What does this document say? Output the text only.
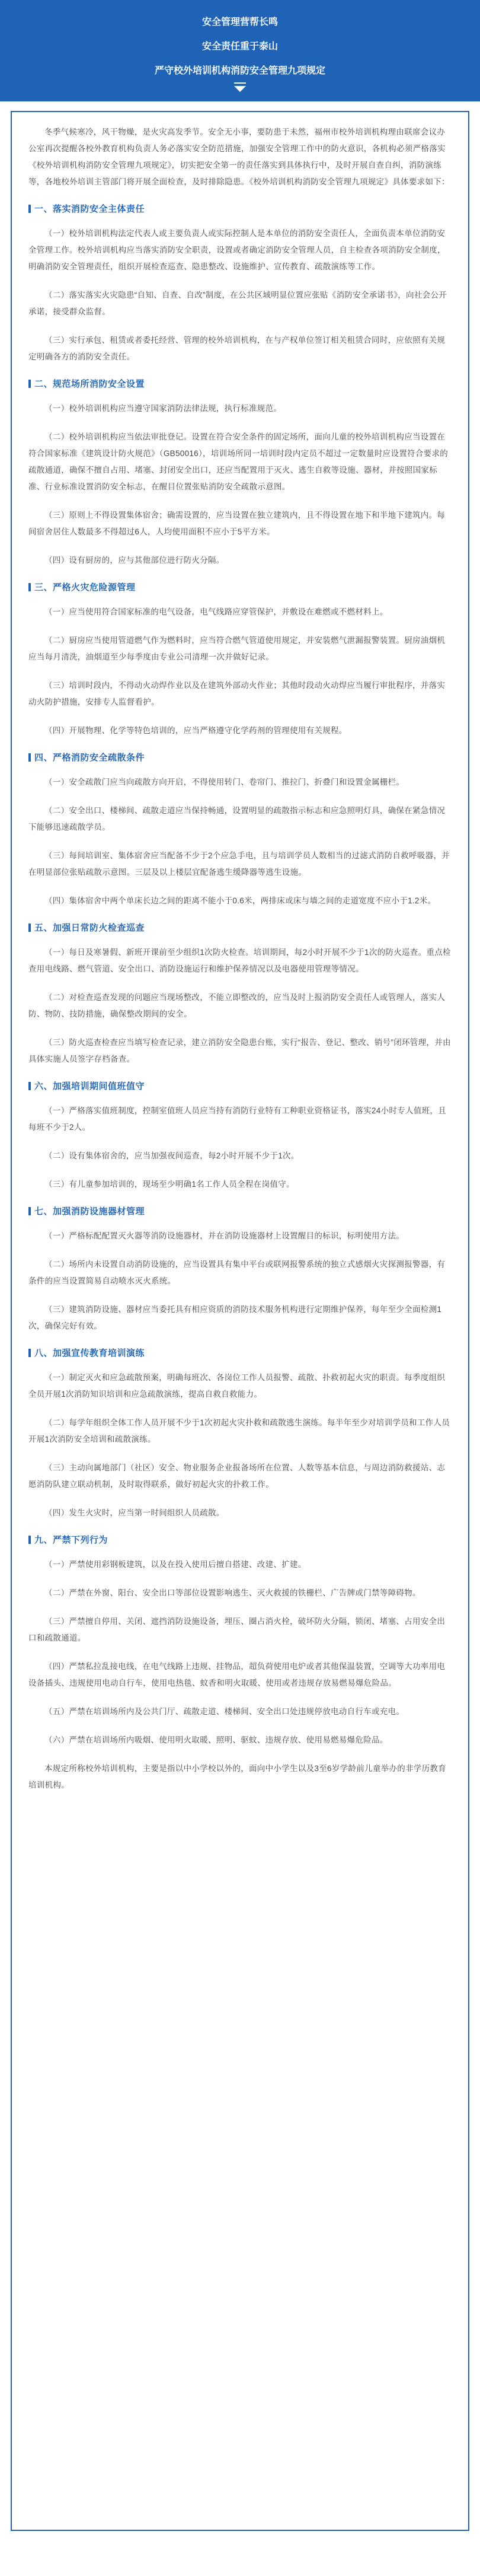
安全管理营帮长鸣
安全责任重于泰山
严守校外培训机构消防安全管理九项规定

冬季气候寒冷，风干物燥，是火灾高发季节。安全无小事，要防患于未然，福州市校外培训机构理由联席会议办公室再次提醒各校外教育机构负责人务必落实安全防范措施，加强安全管理工作中的防火意识，各机构必须严格落实《校外培训机构消防安全管理九项规定》，切实把安全第一的责任落实到具体执行中，及时开展自查自纠，消防演练等，各地校外培训主管部门将开展全面检查，及时排除隐患。《校外培训机构消防安全管理九项规定》具体要求如下：

一、落实消防安全主体责任

（一）校外培训机构法定代表人或主要负责人或实际控制人是本单位的消防安全责任人，全面负责本单位消防安全管理工作。校外培训机构应当落实消防安全职责，设置或者确定消防安全管理人员，自主检查各项消防安全制度，明确消防安全管理责任，组织开展检查巡查、隐患整改、设施维护、宣传教育、疏散演练等工作。

（二）落实落实火灾隐患“自知、自查、自改”制度，在公共区域明显位置应张贴《消防安全承诺书》，向社会公开承诺，接受群众监督。

（三）实行承包、租赁或者委托经营、管理的校外培训机构，在与产权单位签订相关租赁合同时，应依照有关规定明确各方的消防安全责任。

二、规范场所消防安全设置

（一）校外培训机构应当遵守国家消防法律法规，执行标准规范。

（二）校外培训机构应当依法审批登记。设置在符合安全条件的固定场所，面向儿童的校外培训机构应当设置在符合国家标准《建筑设计防火规范》（GB50016），培训场所同一培训时段内定员不超过一定数量时应设置符合要求的疏散通道，确保不擅自占用、堵塞、封闭安全出口，还应当配置用于灭火、逃生自救等设施、器材，并按照国家标准、行业标准设置消防安全标志，在醒目位置张贴消防安全疏散示意图。

（三）原则上不得设置集体宿舍；确需设置的，应当设置在独立建筑内，且不得设置在地下和半地下建筑内。每间宿舍居住人数最多不得超过6人，人均使用面积不应小于5平方米。

（四）设有厨房的，应与其他部位进行防火分隔。

三、严格火灾危险源管理

（一）应当使用符合国家标准的电气设备，电气线路应穿管保护，并敷设在难燃或不燃材料上。

（二）厨房应当使用管道燃气作为燃料时，应当符合燃气管道使用规定，并安装燃气泄漏报警装置。厨房油烟机应当每月清洗，油烟道至少每季度由专业公司清理一次并做好记录。

（三）培训时段内，不得动火动焊作业以及在建筑外部动火作业；其他时段动火动焊应当履行审批程序，并落实动火防护措施，安排专人监督看护。

（四）开展物理、化学等特色培训的，应当严格遵守化学药剂的管理使用有关规程。

四、严格消防安全疏散条件

（一）安全疏散门应当向疏散方向开启，不得使用转门、卷帘门、推拉门、折叠门和设置金属栅栏。

（二）安全出口、楼梯间、疏散走道应当保持畅通，设置明显的疏散指示标志和应急照明灯具，确保在紧急情况下能够迅速疏散学员。

（三）每间培训室、集体宿舍应当配备不少于2个应急手电，且与培训学员人数相当的过滤式消防自救呼吸器，并在明显部位张贴疏散示意图。三层及以上楼层宜配备逃生缓降器等逃生设施。

（四）集体宿舍中两个单床长边之间的距离不能小于0.6米，两排床或床与墙之间的走道宽度不应小于1.2米。

五、加强日常防火检查巡查

（一）每日及寒暑假、新班开课前至少组织1次防火检查。培训期间，每2小时开展不少于1次的防火巡查。重点检查用电线路、燃气管道、安全出口、消防设施运行和维护保养情况以及电器使用管理等情况。

（二）对检查巡查发现的问题应当现场整改，不能立即整改的，应当及时上报消防安全责任人或管理人，落实人防、物防、技防措施，确保整改期间的安全。

（三）防火巡查检查应当填写检查记录，建立消防安全隐患台账，实行“报告、登记、整改、销号”闭环管理，并由具体实施人员签字存档备查。

六、加强培训期间值班值守

（一）严格落实值班制度，控制室值班人员应当持有消防行业特有工种职业资格证书，落实24小时专人值班，且每班不少于2人。

（二）设有集体宿舍的，应当加强夜间巡查，每2小时开展不少于1次。

（三）有儿童参加培训的，现场至少明确1名工作人员全程在岗值守。

七、加强消防设施器材管理

（一）严格标配配置灭火器等消防设施器材，并在消防设施器材上设置醒目的标识，标明使用方法。

（二）场所内未设置自动消防设施的，应当设置具有集中平台或联网报警系统的独立式感烟火灾探测报警器，有条件的应当设置简易自动喷水灭火系统。

（三）建筑消防设施、器材应当委托具有相应资质的消防技术服务机构进行定期维护保养，每年至少全面检测1次，确保完好有效。

八、加强宣传教育培训演练

（一）制定灭火和应急疏散预案，明确每班次、各岗位工作人员报警、疏散、扑救初起火灾的职责。每季度组织全员开展1次消防知识培训和应急疏散演练，提高自救自救能力。

（二）每学年组织全体工作人员开展不少于1次初起火灾扑救和疏散逃生演练。每半年至少对培训学员和工作人员开展1次消防安全培训和疏散演练。

（三）主动向属地部门（社区）安全、物业服务企业报备场所在位置、人数等基本信息，与周边消防救援站、志愿消防队建立联动机制，及时取得联系，做好初起火灾的扑救工作。

（四）发生火灾时，应当第一时间组织人员疏散。

九、严禁下列行为

（一）严禁使用彩钢板建筑，以及在投入使用后擅自搭建、改建、扩建。

（二）严禁在外窗、阳台、安全出口等部位设置影响逃生、灭火救援的铁栅栏、广告牌或门禁等障碍物。

（三）严禁擅自停用、关闭、遮挡消防设施设备，埋压、圈占消火栓，破坏防火分隔，锁闭、堵塞、占用安全出口和疏散通道。

（四）严禁私拉乱接电线，在电气线路上违规、挂物品，超负荷使用电炉或者其他保温装置，空调等大功率用电设备插头、违规使用电动自行车，使用电热毯、蚊香和明火取暖、使用或者违规存放易燃易爆危险品。

（五）严禁在培训场所内及公共门厅、疏散走道、楼梯间、安全出口处违规停放电动自行车或充电。

（六）严禁在培训场所内吸烟、使用明火取暖、照明、驱蚊、违规存放、使用易燃易爆危险品。

本规定所称校外培训机构，主要是指以中小学校以外的，面向中小学生以及3至6岁学龄前儿童举办的非学历教育培训机构。
